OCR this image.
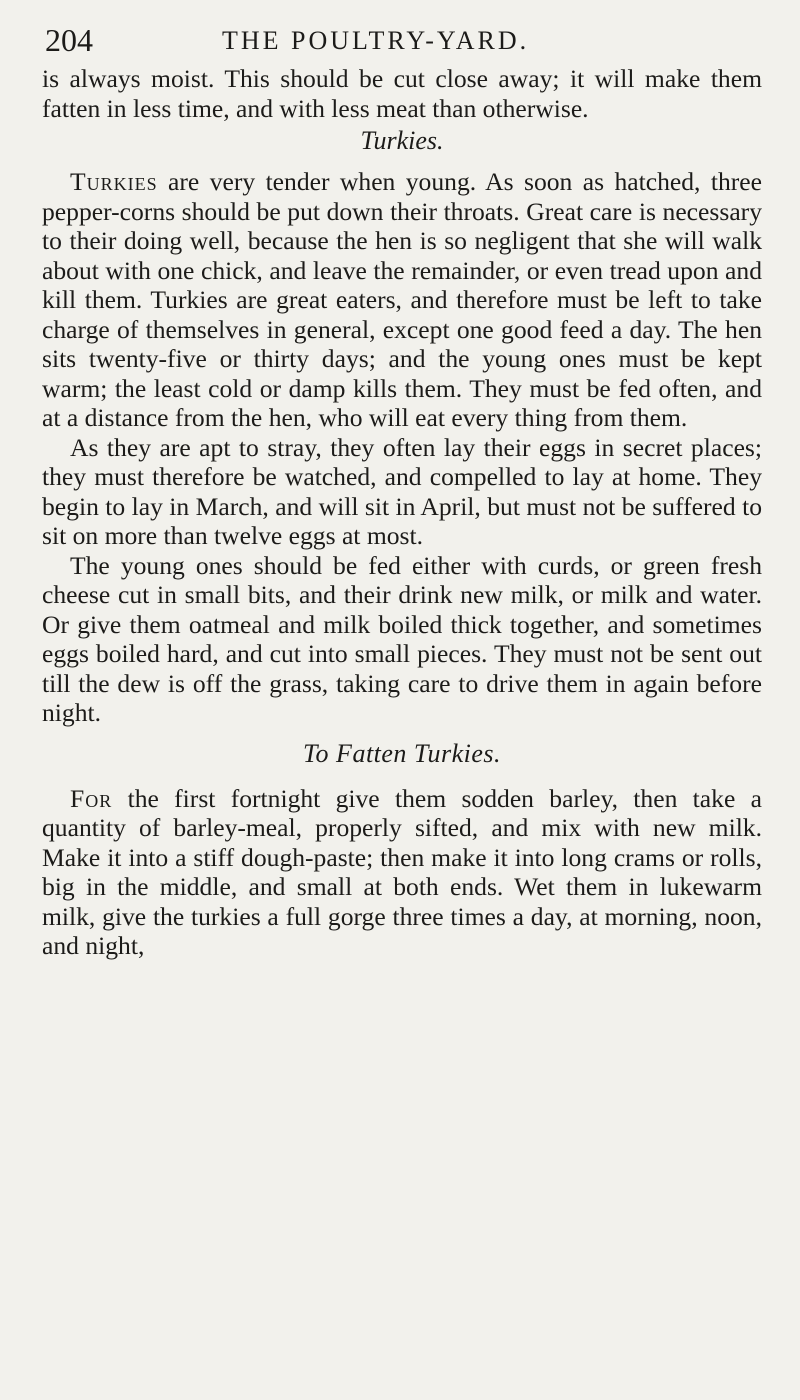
204	THE POULTRY-YARD.

is always moist. This should be cut close away; it will make them fatten in less time, and with less meat than otherwise.

Turkies.

Turkies are very tender when young. As soon as hatched, three pepper-corns should be put down their throats. Great care is necessary to their doing well, because the hen is so negligent that she will walk about with one chick, and leave the remainder, or even tread upon and kill them. Turkies are great eaters, and therefore must be left to take charge of themselves in general, except one good feed a day. The hen sits twenty-five or thirty days; and the young ones must be kept warm; the least cold or damp kills them. They must be fed often, and at a distance from the hen, who will eat every thing from them.

As they are apt to stray, they often lay their eggs in secret places; they must therefore be watched, and compelled to lay at home. They begin to lay in March, and will sit in April, but must not be suffered to sit on more than twelve eggs at most.

The young ones should be fed either with curds, or green fresh cheese cut in small bits, and their drink new milk, or milk and water. Or give them oatmeal and milk boiled thick together, and sometimes eggs boiled hard, and cut into small pieces. They must not be sent out till the dew is off the grass, taking care to drive them in again before night.

To Fatten Turkies.

For the first fortnight give them sodden barley, then take a quantity of barley-meal, properly sifted, and mix with new milk. Make it into a stiff dough-paste; then make it into long crams or rolls, big in the middle, and small at both ends. Wet them in lukewarm milk, give the turkies a full gorge three times a day, at morning, noon, and night,
